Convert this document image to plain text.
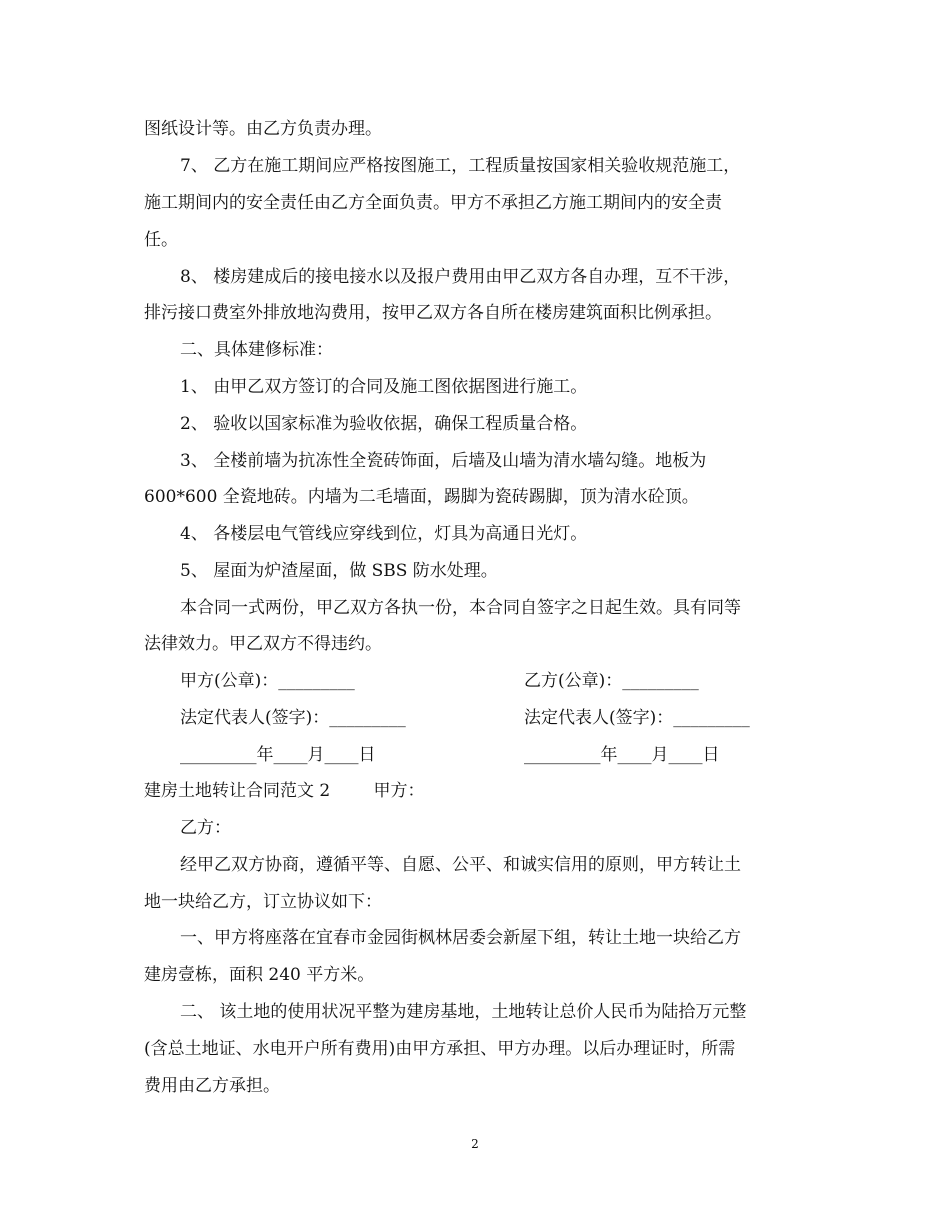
图纸设计等。由乙方负责办理。
7、 乙方在施工期间应严格按图施工，工程质量按国家相关验收规范施工，
施工期间内的安全责任由乙方全面负责。甲方不承担乙方施工期间内的安全责
任。
8、 楼房建成后的接电接水以及报户费用由甲乙双方各自办理，互不干涉，
排污接口费室外排放地沟费用，按甲乙双方各自所在楼房建筑面积比例承担。
二、具体建修标准：
1、 由甲乙双方签订的合同及施工图依据图进行施工。
2、 验收以国家标准为验收依据，确保工程质量合格。
3、 全楼前墙为抗冻性全瓷砖饰面，后墙及山墙为清水墙勾缝。地板为
600*600 全瓷地砖。内墙为二毛墙面，踢脚为瓷砖踢脚，顶为清水砼顶。
4、 各楼层电气管线应穿线到位，灯具为高通日光灯。
5、 屋面为炉渣屋面，做 SBS 防水处理。
本合同一式两份，甲乙双方各执一份，本合同自签字之日起生效。具有同等
法律效力。甲乙双方不得违约。
甲方(公章)：_________	乙方(公章)：_________
法定代表人(签字)：_________	法定代表人(签字)：_________
_________年____月____日	_________年____月____日
建房土地转让合同范文 2        甲方：
乙方：
经甲乙双方协商，遵循平等、自愿、公平、和诚实信用的原则，甲方转让土
地一块给乙方，订立协议如下：
一、甲方将座落在宜春市金园街枫林居委会新屋下组，转让土地一块给乙方
建房壹栋，面积 240 平方米。
二、 该土地的使用状况平整为建房基地，土地转让总价人民币为陆拾万元整
(含总土地证、水电开户所有费用)由甲方承担、甲方办理。以后办理证时，所需
费用由乙方承担。
2
